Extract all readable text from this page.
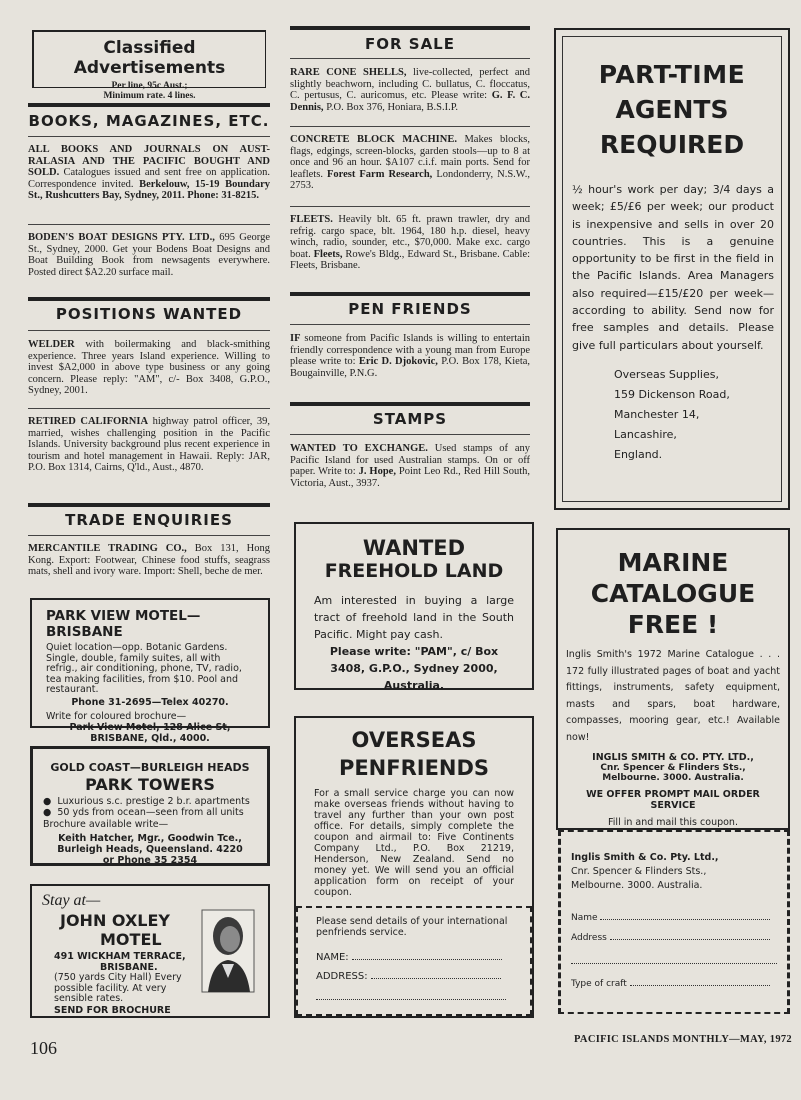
Classified Advertisements
Per line, 95c Aust.;
Minimum rate. 4 lines.
BOOKS, MAGAZINES, ETC.
ALL BOOKS AND JOURNALS ON AUST-RALASIA AND THE PACIFIC BOUGHT AND SOLD. Catalogues issued and sent free on application. Correspondence invited. Berkelouw, 15-19 Boundary St., Rushcutters Bay, Sydney, 2011. Phone: 31-8215.
BODEN'S BOAT DESIGNS PTY. LTD., 695 George St., Sydney, 2000. Get your Bodens Boat Designs and Boat Building Book from newsagents everywhere. Posted direct $A2.20 surface mail.
POSITIONS WANTED
WELDER with boilermaking and black-smithing experience. Three years Island experience. Willing to invest $A2,000 in above type business or any going concern. Please reply: "AM", c/- Box 3408, G.P.O., Sydney, 2001.
RETIRED CALIFORNIA highway patrol officer, 39, married, wishes challenging position in the Pacific Islands. University background plus recent experience in tourism and hotel management in Hawaii. Reply: JAR, P.O. Box 1314, Cairns, Q'ld., Aust., 4870.
TRADE ENQUIRIES
MERCANTILE TRADING CO., Box 131, Hong Kong. Export: Footwear, Chinese food stuffs, seagrass mats, shell and ivory ware. Import: Shell, beche de mer.
PARK VIEW MOTEL—BRISBANE
Quiet location—opp. Botanic Gardens. Single, double, family suites, all with refrig., air conditioning, phone, TV, radio, tea making facilities, from $10. Pool and restaurant.
Phone 31-2695—Telex 40270.
Write for coloured brochure—
Park View Motel, 128 Alice St, BRISBANE, Qld., 4000.
GOLD COAST—BURLEIGH HEADS
PARK TOWERS
●  Luxurious s.c. prestige 2 b.r. apartments
●  50 yds from ocean—seen from all units
Brochure available write—
Keith Hatcher, Mgr., Goodwin Tce.,
Burleigh Heads, Queensland. 4220
or Phone 35 2354
Stay at—
JOHN OXLEY
MOTEL
491 WICKHAM TERRACE,
BRISBANE.
(750 yards City Hall) Every possible facility. At very sensible rates.
SEND FOR BROCHURE
106
FOR SALE
RARE CONE SHELLS, live-collected, perfect and slightly beachworn, including C. bullatus, C. floccatus, C. pertusus, C. auricomus, etc. Please write: G. F. C. Dennis, P.O. Box 376, Honiara, B.S.I.P.
CONCRETE BLOCK MACHINE. Makes blocks, flags, edgings, screen-blocks, garden stools—up to 8 at once and 96 an hour. $A107 c.i.f. main ports. Send for leaflets. Forest Farm Research, Londonderry, N.S.W., 2753.
FLEETS. Heavily blt. 65 ft. prawn trawler, dry and refrig. cargo space, blt. 1964, 180 h.p. diesel, heavy winch, radio, sounder, etc., $70,000. Make exc. cargo boat. Fleets, Rowe's Bldg., Edward St., Brisbane. Cable: Fleets, Brisbane.
PEN FRIENDS
IF someone from Pacific Islands is willing to entertain friendly correspondence with a young man from Europe please write to: Eric D. Djokovic, P.O. Box 178, Kieta, Bougainville, P.N.G.
STAMPS
WANTED TO EXCHANGE. Used stamps of any Pacific Island for used Australian stamps. On or off paper. Write to: J. Hope, Point Leo Rd., Red Hill South, Victoria, Aust., 3937.
WANTED
FREEHOLD LAND
Am interested in buying a large tract of freehold land in the South Pacific. Might pay cash.
Please write: "PAM", c/ Box 3408, G.P.O., Sydney 2000, Australia.
OVERSEAS
PENFRIENDS
For a small service charge you can now make overseas friends without having to travel any further than your own post office. For details, simply complete the coupon and airmail to: Five Continents Company Ltd., P.O. Box 21219, Henderson, New Zealand. Send no money yet. We will send you an official application form on receipt of your coupon.
Please send details of your international penfriends service.
NAME:
ADDRESS:
PART-TIME
AGENTS
REQUIRED
½ hour's work per day; 3/4 days a week; £5/£6 per week; our product is inexpensive and sells in over 20 countries. This is a genuine opportunity to be first in the field in the Pacific Islands. Area Managers also required—£15/£20 per week—according to ability. Send now for free samples and details. Please give full particulars about yourself.
Overseas Supplies,
159 Dickenson Road,
Manchester 14,
Lancashire,
England.
MARINE
CATALOGUE
FREE !
Inglis Smith's 1972 Marine Catalogue . . . 172 fully illustrated pages of boat and yacht fittings, instruments, safety equipment, masts and spars, boat hardware, compasses, mooring gear, etc.! Available now!
INGLIS SMITH & CO. PTY. LTD.,
Cnr. Spencer & Flinders Sts.,
Melbourne. 3000. Australia.
WE OFFER PROMPT MAIL ORDER SERVICE
Fill in and mail this coupon.
Inglis Smith & Co. Pty. Ltd.,
Cnr. Spencer & Flinders Sts.,
Melbourne. 3000. Australia.
Name
Address
Type of craft
PACIFIC ISLANDS MONTHLY—MAY, 1972
